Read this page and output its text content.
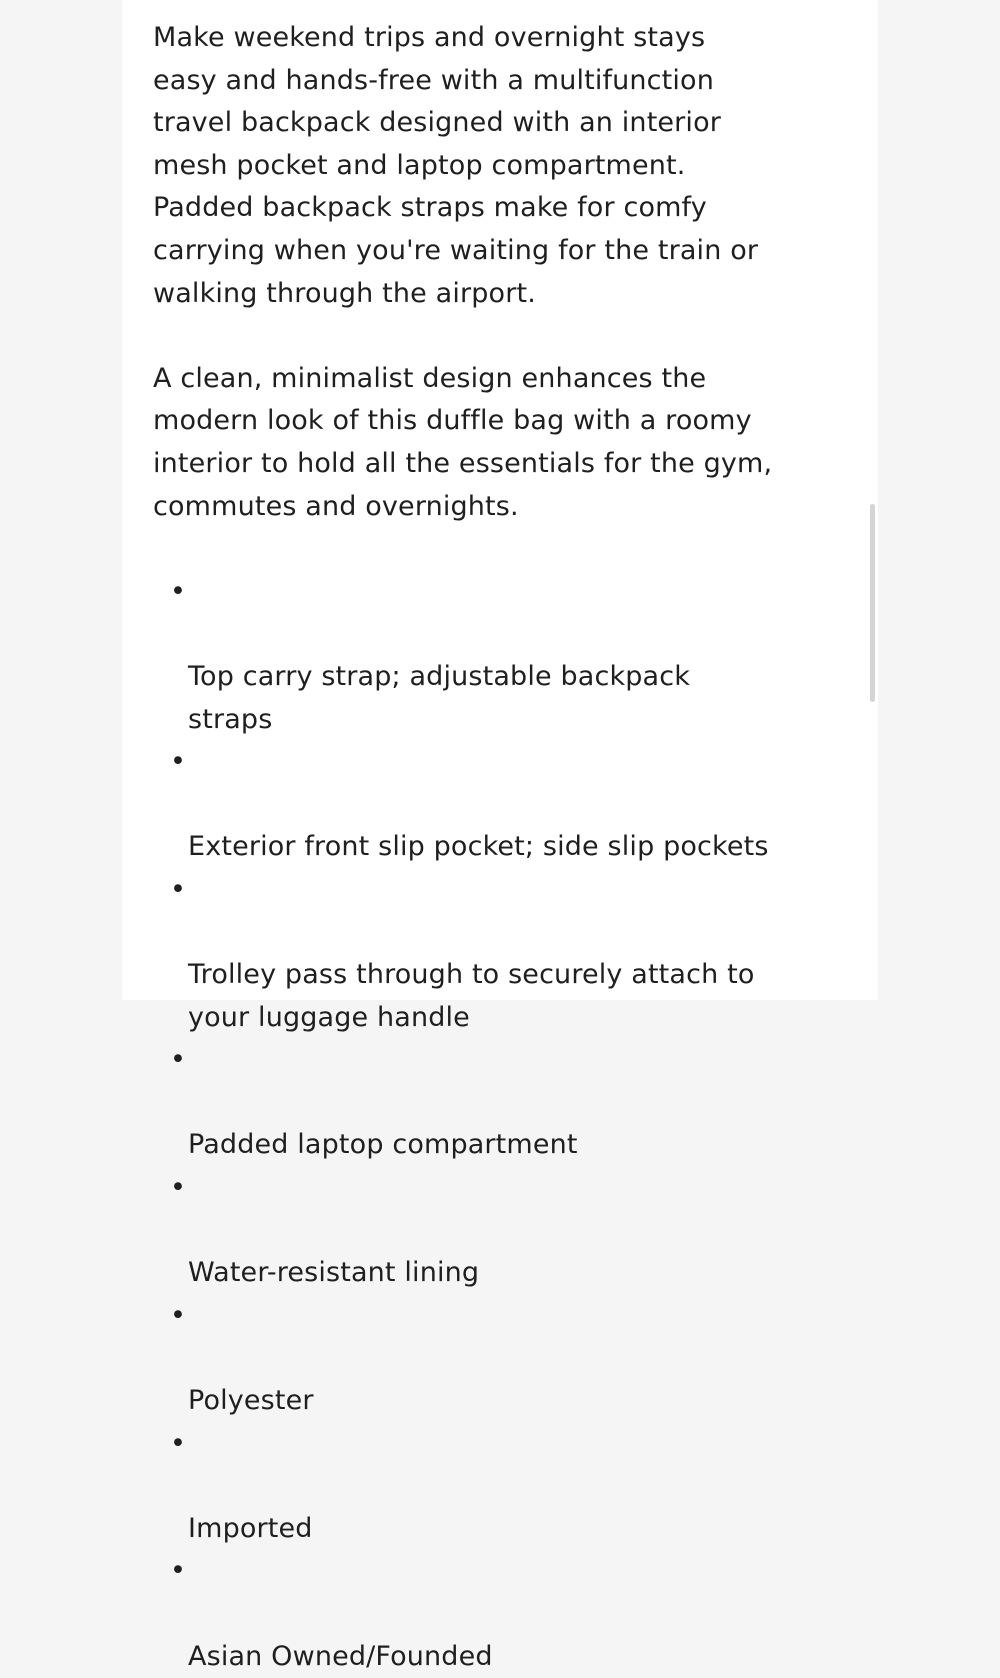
Make weekend trips and overnight stays
easy and hands-free with a multifunction
travel backpack designed with an interior
mesh pocket and laptop compartment.
Padded backpack straps make for comfy
carrying when you're waiting for the train or
walking through the airport.

A clean, minimalist design enhances the
modern look of this duffle bag with a roomy
interior to hold all the essentials for the gym,
commutes and overnights.

•

Top carry strap; adjustable backpack
straps

•

Exterior front slip pocket; side slip pockets

•

Trolley pass through to securely attach to
your luggage handle

•

Padded laptop compartment

•

Water-resistant lining

•

Polyester

•

Imported

•

Asian Owned/Founded
